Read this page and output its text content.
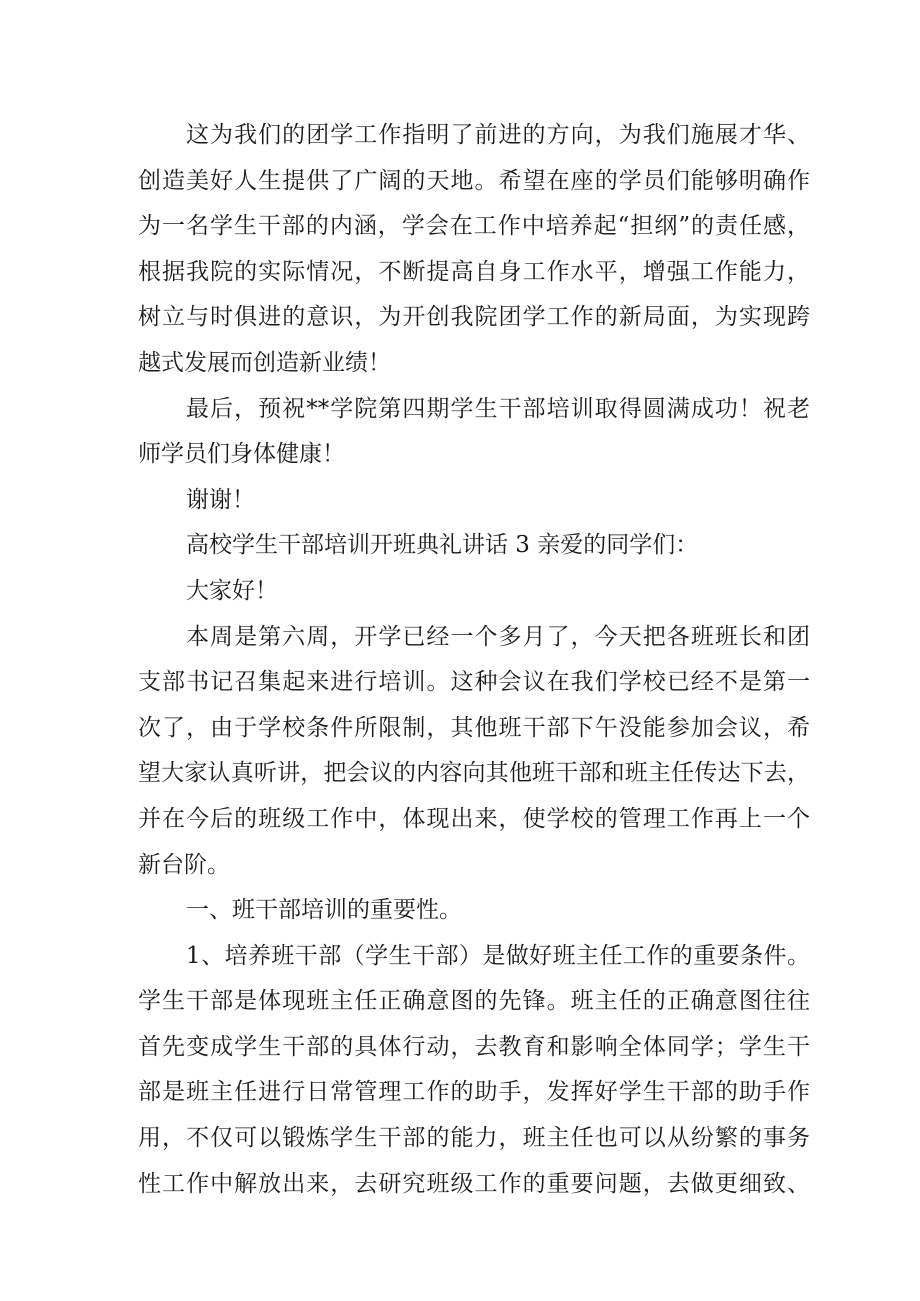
这为我们的团学工作指明了前进的方向，为我们施展才华、
创造美好人生提供了广阔的天地。希望在座的学员们能够明确作
为一名学生干部的内涵，学会在工作中培养起“担纲”的责任感，
根据我院的实际情况，不断提高自身工作水平，增强工作能力，
树立与时俱进的意识，为开创我院团学工作的新局面，为实现跨
越式发展而创造新业绩！
最后，预祝**学院第四期学生干部培训取得圆满成功！祝老
师学员们身体健康！
谢谢！
高校学生干部培训开班典礼讲话 3 亲爱的同学们：
大家好！
本周是第六周，开学已经一个多月了，今天把各班班长和团
支部书记召集起来进行培训。这种会议在我们学校已经不是第一
次了，由于学校条件所限制，其他班干部下午没能参加会议，希
望大家认真听讲，把会议的内容向其他班干部和班主任传达下去，
并在今后的班级工作中，体现出来，使学校的管理工作再上一个
新台阶。
一、班干部培训的重要性。
1、培养班干部（学生干部）是做好班主任工作的重要条件。
学生干部是体现班主任正确意图的先锋。班主任的正确意图往往
首先变成学生干部的具体行动，去教育和影响全体同学；学生干
部是班主任进行日常管理工作的助手，发挥好学生干部的助手作
用，不仅可以锻炼学生干部的能力，班主任也可以从纷繁的事务
性工作中解放出来，去研究班级工作的重要问题，去做更细致、
